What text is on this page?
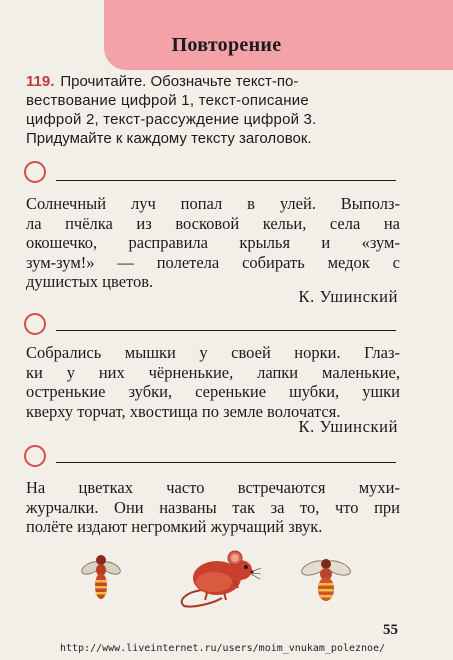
Повторение
119. Прочитайте. Обозначьте текст-по-
вествование цифрой 1, текст-описание
цифрой 2, текст-рассуждение цифрой 3.
Придумайте к каждому тексту заголовок.
Солнечный луч попал в улей. Выполз-
ла пчёлка из восковой кельи, села на
окошечко, расправила крылья и «зум-
зум-зум!» — полетела собирать медок с
душистых цветов.
К. Ушинский
Собрались мышки у своей норки. Глаз-
ки у них чёрненькие, лапки маленькие,
остренькие зубки, серенькие шубки, ушки
кверху торчат, хвостища по земле волочатся.
К. Ушинский
На цветках часто встречаются мухи-
журчалки. Они названы так за то, что при
полёте издают негромкий журчащий звук.
55
http://www.liveinternet.ru/users/moim_vnukam_poleznoe/
